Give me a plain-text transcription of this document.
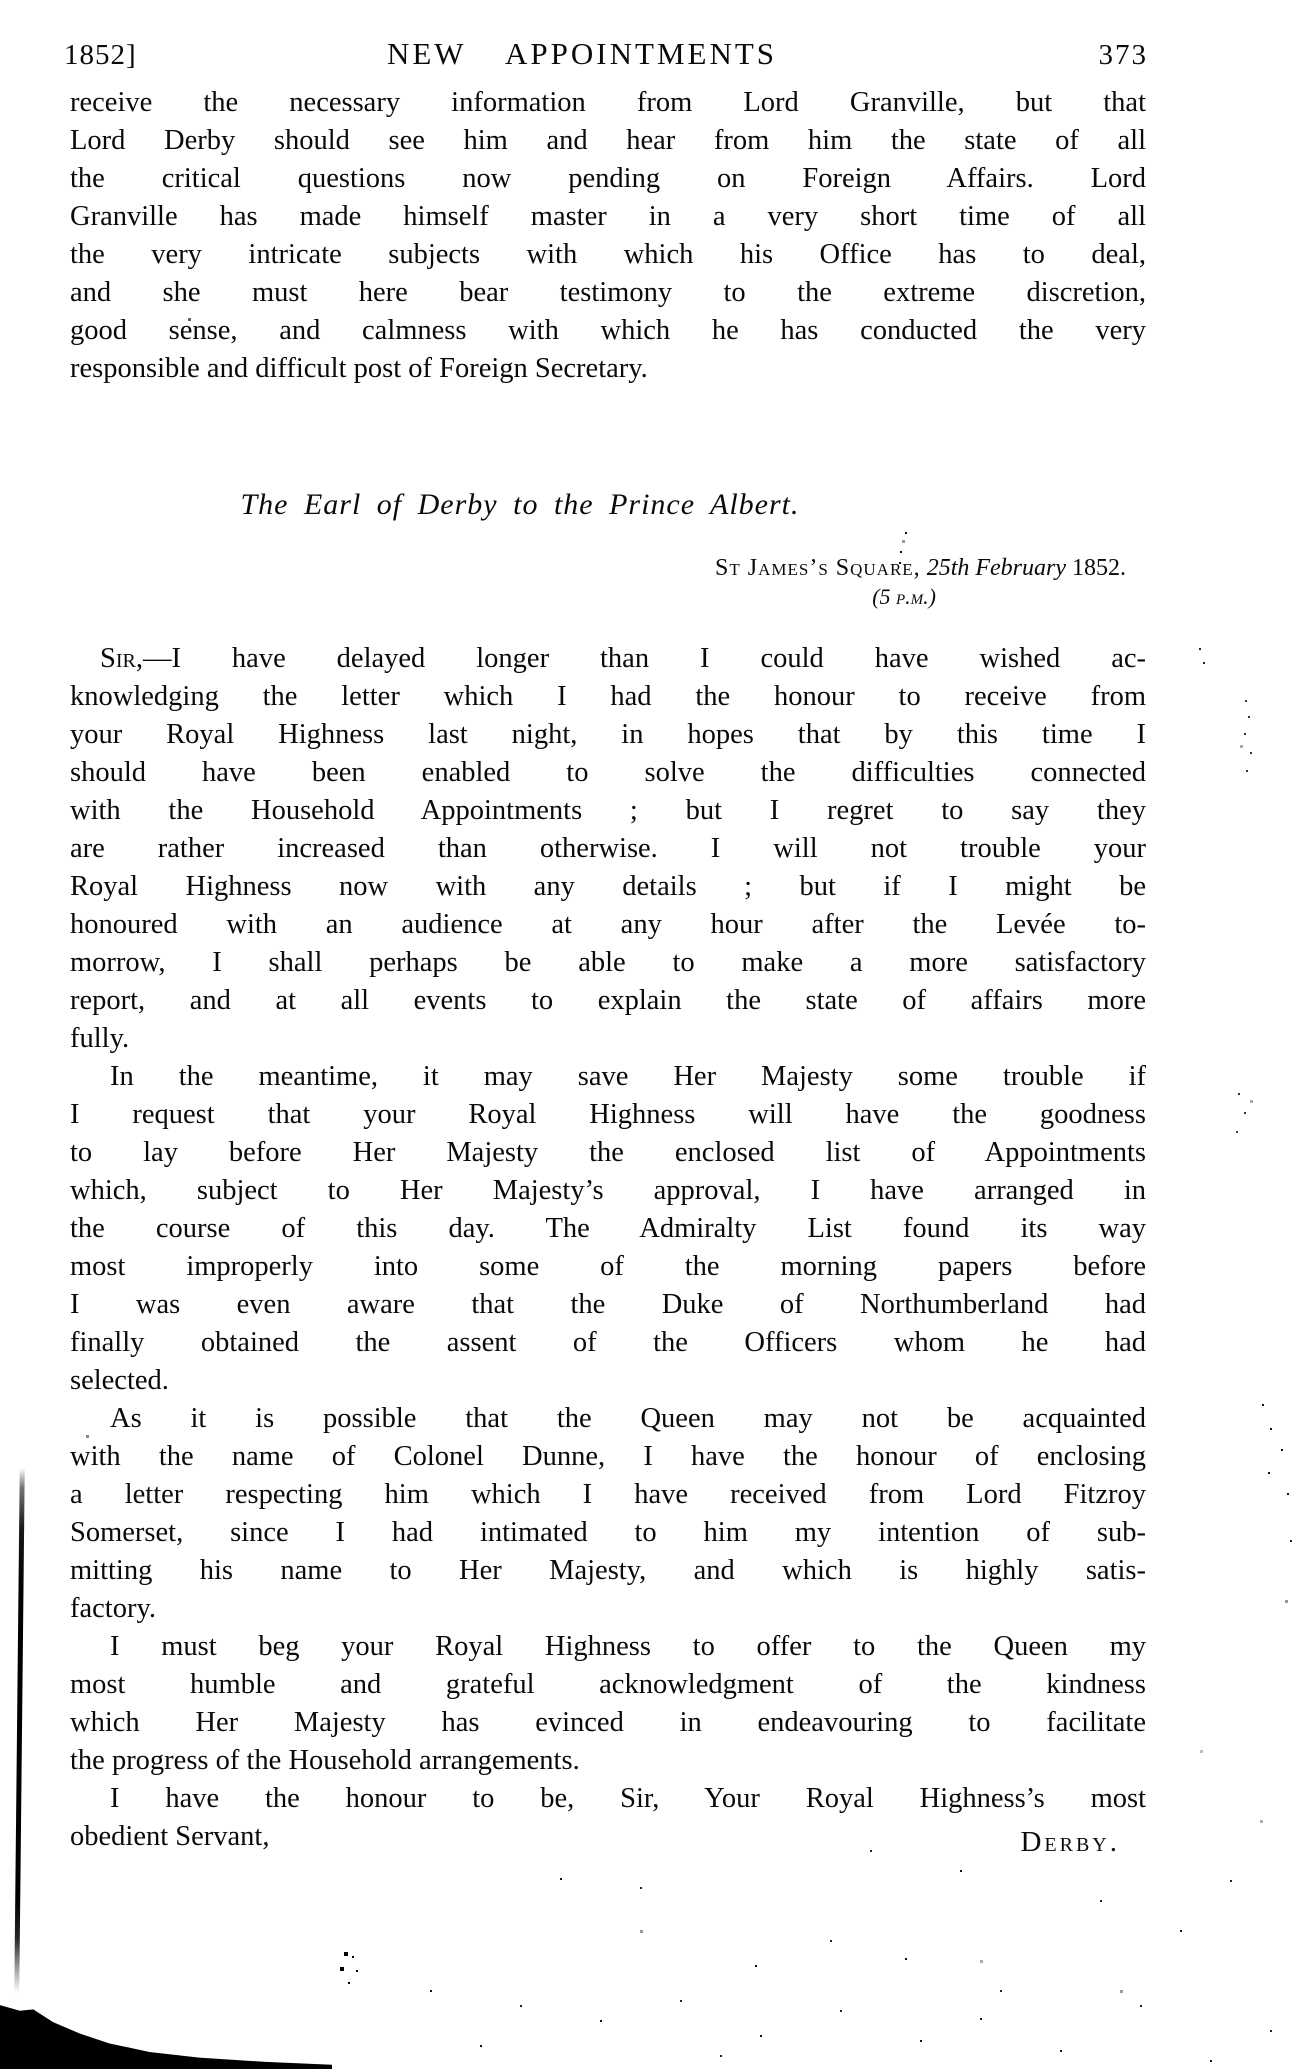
1852]	NEW APPOINTMENTS	373
receive the necessary information from Lord Granville, but that
Lord Derby should see him and hear from him the state of all
the critical questions now pending on Foreign Affairs. Lord
Granville has made himself master in a very short time of all
the very intricate subjects with which his Office has to deal,
and she must here bear testimony to the extreme discretion,
good sense, and calmness with which he has conducted the very
responsible and difficult post of Foreign Secretary.
The Earl of Derby to the Prince Albert.
St James’s Square, 25th February 1852.
(5 p.m.)
Sir,—I have delayed longer than I could have wished ac-
knowledging the letter which I had the honour to receive from
your Royal Highness last night, in hopes that by this time I
should have been enabled to solve the difficulties connected
with the Household Appointments ; but I regret to say they
are rather increased than otherwise. I will not trouble your
Royal Highness now with any details ; but if I might be
honoured with an audience at any hour after the Levée to-
morrow, I shall perhaps be able to make a more satisfactory
report, and at all events to explain the state of affairs more
fully.
In the meantime, it may save Her Majesty some trouble if
I request that your Royal Highness will have the goodness
to lay before Her Majesty the enclosed list of Appointments
which, subject to Her Majesty’s approval, I have arranged in
the course of this day. The Admiralty List found its way
most improperly into some of the morning papers before
I was even aware that the Duke of Northumberland had
finally obtained the assent of the Officers whom he had
selected.
As it is possible that the Queen may not be acquainted
with the name of Colonel Dunne, I have the honour of enclosing
a letter respecting him which I have received from Lord Fitzroy
Somerset, since I had intimated to him my intention of sub-
mitting his name to Her Majesty, and which is highly satis-
factory.
I must beg your Royal Highness to offer to the Queen my
most humble and grateful acknowledgment of the kindness
which Her Majesty has evinced in endeavouring to facilitate
the progress of the Household arrangements.
I have the honour to be, Sir, Your Royal Highness’s most
obedient Servant,	Derby.
